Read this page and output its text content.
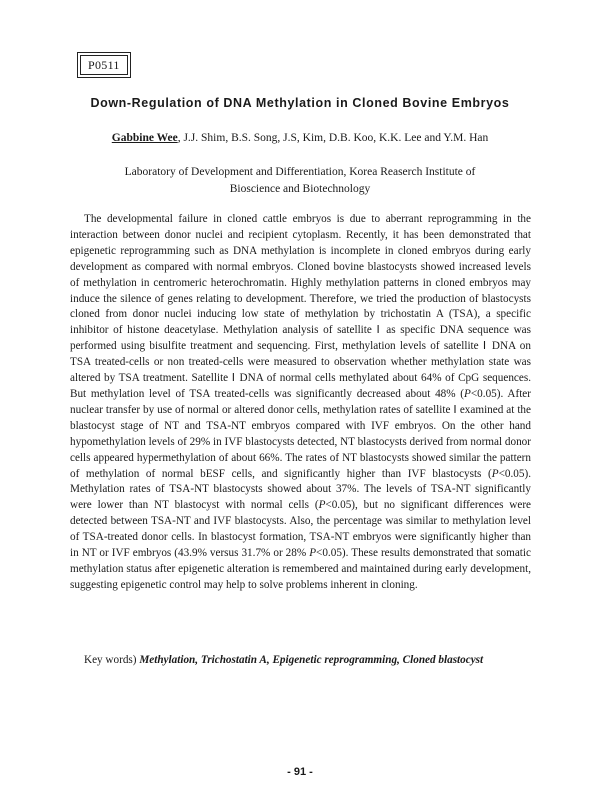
P0511
Down-Regulation of DNA Methylation in Cloned Bovine Embryos
Gabbine Wee, J.J. Shim, B.S. Song, J.S, Kim, D.B. Koo, K.K. Lee and Y.M. Han
Laboratory of Development and Differentiation, Korea Reaserch Institute of
Bioscience and Biotechnology

The developmental failure in cloned cattle embryos is due to aberrant reprogramming in the interaction between donor nuclei and recipient cytoplasm. Recently, it has been demonstrated that epigenetic reprogramming such as DNA methylation is incomplete in cloned embryos during early development as compared with normal embryos. Cloned bovine blastocysts showed increased levels of methylation in centromeric heterochromatin. Highly methylation patterns in cloned embryos may induce the silence of genes relating to development. Therefore, we tried the production of blastocysts cloned from donor nuclei inducing low state of methylation by trichostatin A (TSA), a specific inhibitor of histone deacetylase. Methylation analysis of satellite Ⅰ as specific DNA sequence was performed using bisulfite treatment and sequencing. First, methylation levels of satellite Ⅰ DNA on TSA treated-cells or non treated-cells were measured to observation whether methylation state was altered by TSA treatment. Satellite Ⅰ DNA of normal cells methylated about 64% of CpG sequences. But methylation level of TSA treated-cells was significantly decreased about 48% (P<0.05). After nuclear transfer by use of normal or altered donor cells, methylation rates of satellite Ⅰ examined at the blastocyst stage of NT and TSA-NT embryos compared with IVF embryos. On the other hand hypomethylation levels of 29% in IVF blastocysts detected, NT blastocysts derived from normal donor cells appeared hypermethylation of about 66%. The rates of NT blastocysts showed similar the pattern of methylation of normal bESF cells, and significantly higher than IVF blastocysts (P<0.05). Methylation rates of TSA-NT blastocysts showed about 37%. The levels of TSA-NT significantly were lower than NT blastocyst with normal cells (P<0.05), but no significant differences were detected between TSA-NT and IVF blastocysts. Also, the percentage was similar to methylation level of TSA-treated donor cells. In blastocyst formation, TSA-NT embryos were significantly higher than in NT or IVF embryos (43.9% versus 31.7% or 28% P<0.05). These results demonstrated that somatic methylation status after epigenetic alteration is remembered and maintained during early development, suggesting epigenetic control may help to solve problems inherent in cloning.

Key words) Methylation, Trichostatin A, Epigenetic reprogramming, Cloned blastocyst
- 91 -
